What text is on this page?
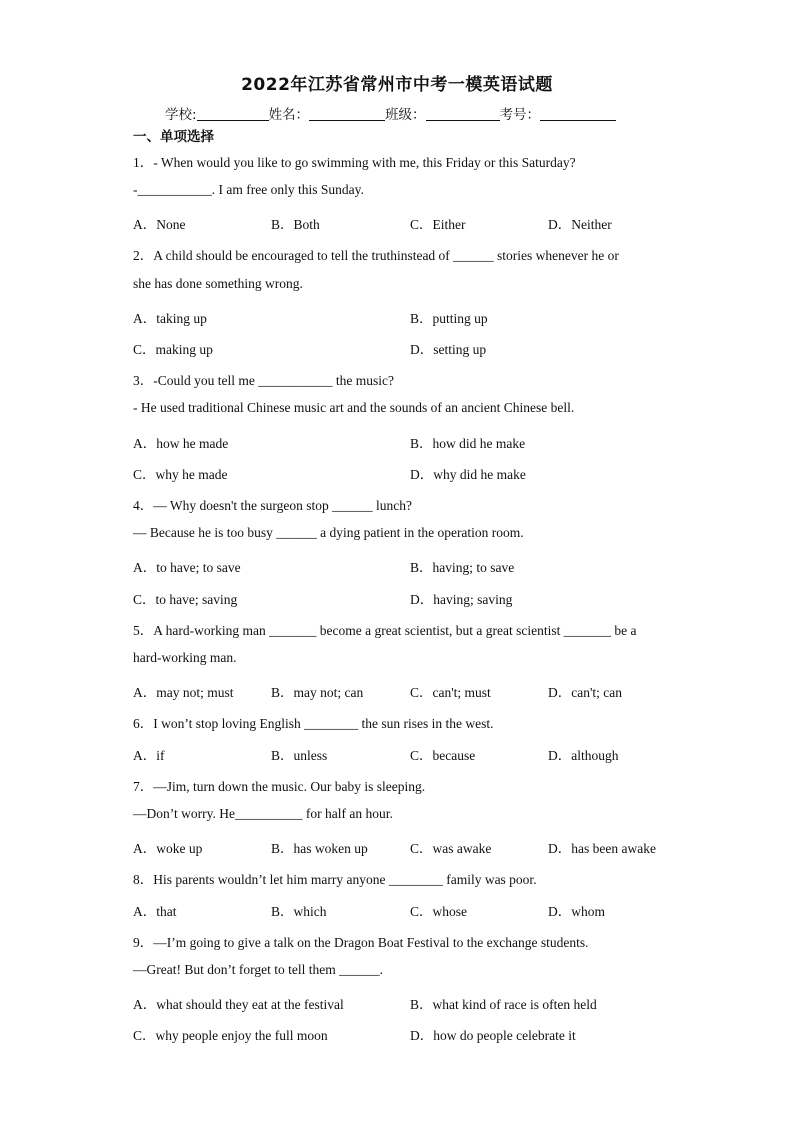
2022年江苏省常州市中考一模英语试题
学校:	姓名：	班级：	考号：
一、单项选择
1．- When would you like to go swimming with me, this Friday or this Saturday?
-___________. I am free only this Sunday.
A．None	B．Both	C．Either	D．Neither
2．A child should be encouraged to tell the truthinstead of ______ stories whenever he or
she has done something wrong.
A．taking up	B．putting up
C．making up	D．setting up
3．-Could you tell me ___________ the music?
- He used traditional Chinese music art and the sounds of an ancient Chinese bell.
A．how he made	B．how did he make
C．why he made	D．why did he make
4．— Why doesn't the surgeon stop ______ lunch?
— Because he is too busy ______ a dying patient in the operation room.
A．to have; to save	B．having; to save
C．to have; saving	D．having; saving
5．A hard-working man _______ become a great scientist, but a great scientist _______ be a
hard-working man.
A．may not; must	B．may not; can	C．can't; must	D．can't; can
6．I won’t stop loving English ________ the sun rises in the west.
A．if	B．unless	C．because	D．although
7．—Jim, turn down the music. Our baby is sleeping.
—Don’t worry. He__________ for half an hour.
A．woke up	B．has woken up	C．was awake	D．has been awake
8．His parents wouldn’t let him marry anyone ________ family was poor.
A．that	B．which	C．whose	D．whom
9．—I’m going to give a talk on the Dragon Boat Festival to the exchange students.
—Great! But don’t forget to tell them ______.
A．what should they eat at the festival	B．what kind of race is often held
C．why people enjoy the full moon	D．how do people celebrate it
